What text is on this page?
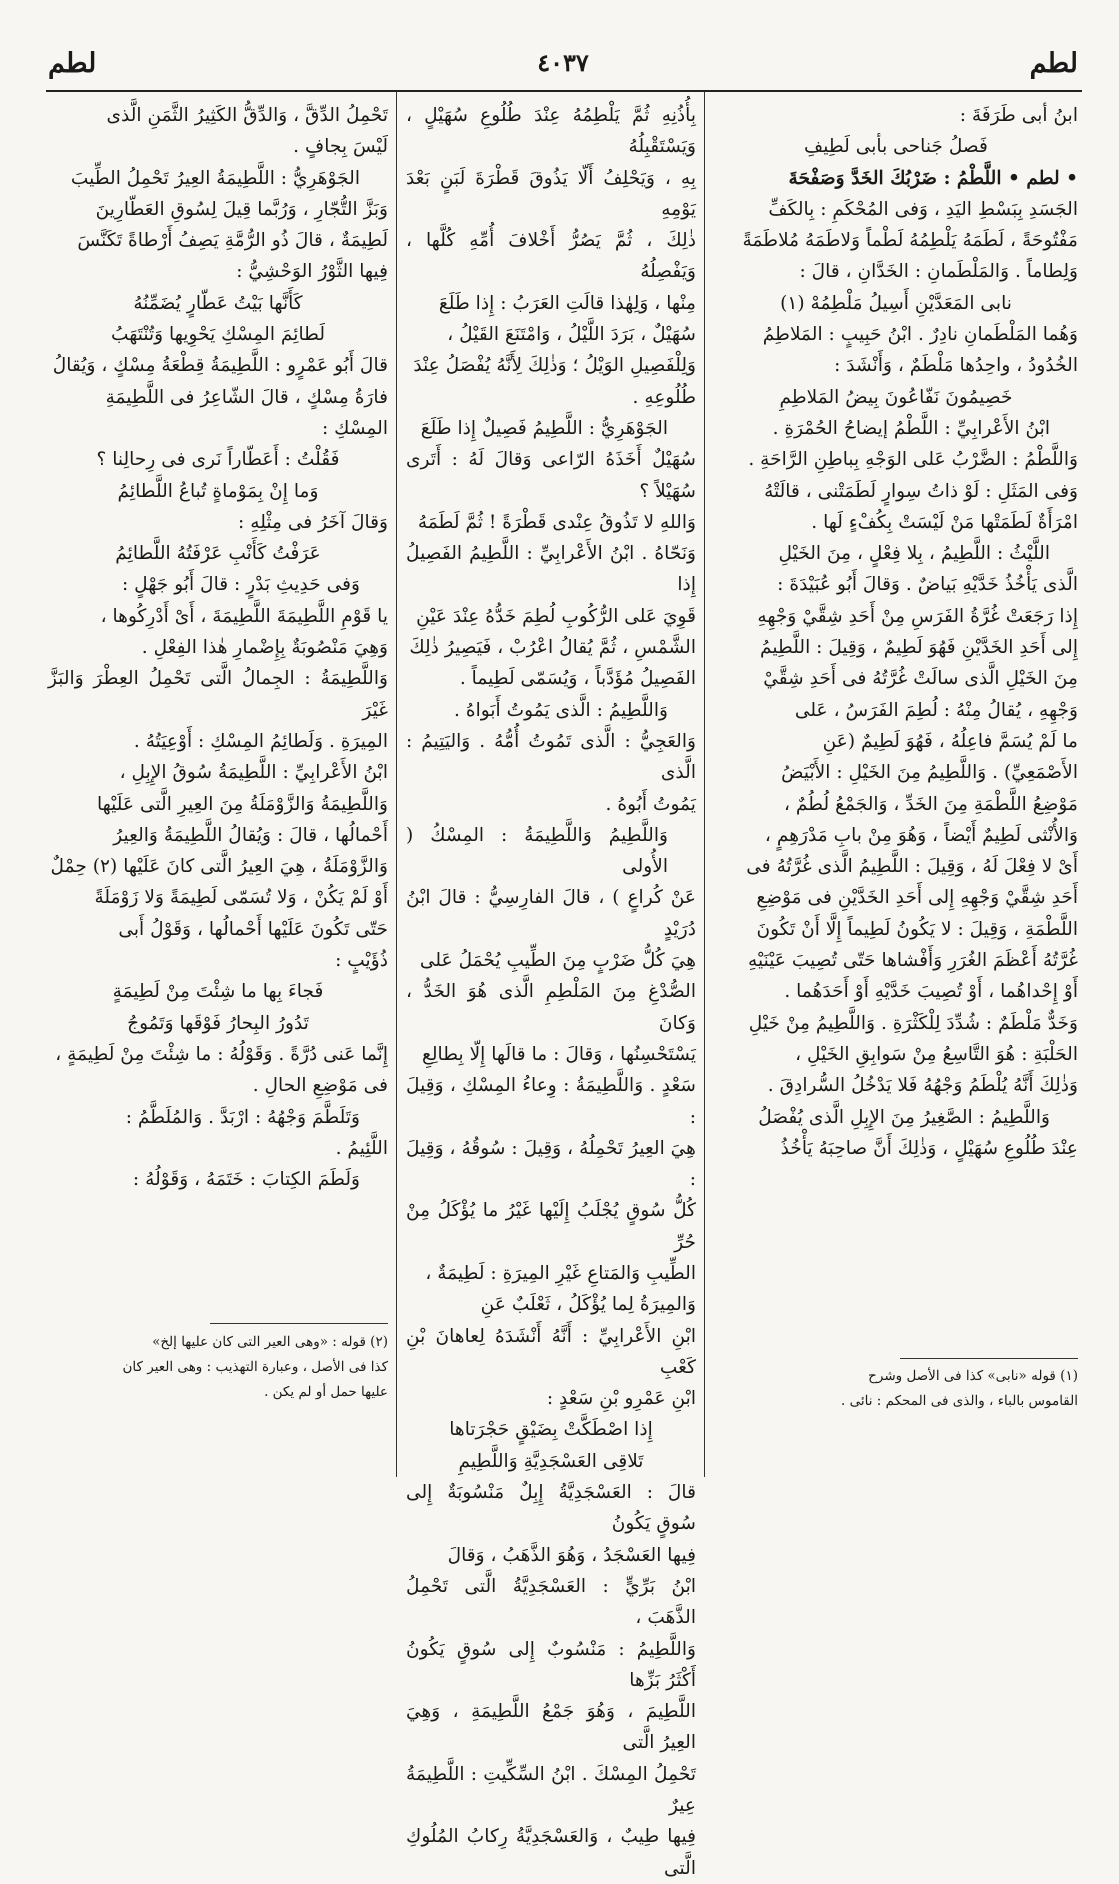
لطم
٤٠٣٧
لطم

ابنُ أبى طَرَفَةَ :

فَصلُ جَناحى بأبى لَطِيفِ

• لطم • اللَّطْمُ : ضَرْبُكَ الخَدَّ وَصَفْحَةَ

الجَسَدِ بِبَسْطِ اليَدِ ، وَفى المُحْكَمِ : بِالكَفِّ

مَفْتُوحَةً ، لَطَمَهُ يَلْطِمُهُ لَطْماً وَلاطَمَهُ مُلاطَمَةً

وَلِطاماً . وَالمَلْطَمانِ : الخَدَّانِ ، قالَ :

نابى المَعَدَّيْنِ أَسِيلُ مَلْطِمُهْ (١)

وَهُما المَلْطَمانِ نادِرٌ . ابْنُ حَبِيبٍ : المَلاطِمُ

الخُدُودُ ، واحِدُها مَلْطَمٌ ، وَأَنْشَدَ :

خَصِيمُونَ نَفّاعُونَ بِيضُ المَلاطِمِ

ابْنُ الأَعْرابِيِّ : اللَّطْمُ إيضاحُ الحُمْرَةِ .

وَاللَّطْمُ : الضَّرْبُ عَلى الوَجْهِ بِباطِنِ الرَّاحَةِ .

وَفى المَثَلِ : لَوْ ذاتُ سِوارٍ لَطَمَتْنى ، قالَتْهُ

امْرَأَةٌ لَطَمَتْها مَنْ لَيْسَتْ بِكُفْءٍ لَها .

اللَّيْثُ : اللَّطِيمُ ، بِلا فِعْلٍ ، مِنَ الخَيْلِ

الَّذى يَأْخُذُ خَدَّيْهِ بَياضٌ . وَقالَ أَبُو عُبَيْدَةَ :

إِذا رَجَعَتْ غُرَّةُ الفَرَسِ مِنْ أَحَدِ شِقَّيْ وَجْهِهِ

إِلى أَحَدِ الخَدَّيْنِ فَهُوَ لَطِيمٌ ، وَقِيلَ : اللَّطِيمُ

مِنَ الخَيْلِ الَّذى سالَتْ غُرَّتُهُ فى أَحَدِ شِقَّيْ

وَجْهِهِ ، يُقالُ مِنْهُ : لُطِمَ الفَرَسُ ، عَلى

ما لَمْ يُسَمَّ فاعِلُهُ ، فَهُوَ لَطِيمٌ (عَنِ

الأَصْمَعِيِّ) . وَاللَّطِيمُ مِنَ الخَيْلِ : الأَبْيَضُ

مَوْضِعُ اللَّطْمَةِ مِنَ الخَدِّ ، وَالجَمْعُ لُطُمٌ ،

وَالأُنْثى لَطِيمٌ أَيْضاً ، وَهُوَ مِنْ بابِ مَدْرَهِمٍ ،

أَىْ لا فِعْلَ لَهُ ، وَقِيلَ : اللَّطِيمُ الَّذى غُرَّتُهُ فى

أَحَدِ شِقَّيْ وَجْهِهِ إِلى أَحَدِ الخَدَّيْنِ فى مَوْضِعِ

اللَّطْمَةِ ، وَقِيلَ : لا يَكُونُ لَطِيماً إِلَّا أَنْ تَكُونَ

غُرَّتُهُ أَعْظَمَ الغُرَرِ وَأَفْشاها حَتّى تُصِيبَ عَيْنَيْهِ

أَوْ إِحْداهُما ، أَوْ تُصِيبَ خَدَّيْهِ أَوْ أَحَدَهُما .

وَخَدٌّ مَلْطَمٌ : شُدِّدَ لِلْكَثْرَةِ . وَاللَّطِيمُ مِنْ خَيْلِ

الحَلْبَةِ : هُوَ التَّاسِعُ مِنْ سَوابِقِ الخَيْلِ ،

وَذٰلِكَ أَنَّهُ يُلْطَمُ وَجْهُهُ فَلا يَدْخُلُ السُّرادِقَ .

وَاللَّطِيمُ : الصَّغِيرُ مِنَ الإِبِلِ الَّذى يُفْصَلُ

عِنْدَ طُلُوعِ سُهَيْلٍ ، وَذٰلِكَ أَنَّ صاحِبَهُ يَأْخُذُ

بِأُذُنِهِ ثُمَّ يَلْطِمُهُ عِنْدَ طُلُوعِ سُهَيْلٍ ، وَيَسْتَقْبِلُهُ

بِهِ ، وَيَحْلِفُ أَلّا يَذُوقَ قَطْرَةَ لَبَنٍ بَعْدَ يَوْمِهِ

ذٰلِكَ ، ثُمَّ يَصُرُّ أَخْلافَ أُمِّهِ كُلَّها ، وَيَفْصِلُهُ

مِنْها ، وَلِهٰذا قالَتِ العَرَبُ : إِذا طَلَعَ

سُهَيْلٌ ، بَرَدَ اللَّيْلُ ، وَامْتَنَعَ القَيْلُ ،

وَلِلْفَصِيلِ الوَيْلُ ؛ وَذٰلِكَ لِأَنَّهُ يُفْصَلُ عِنْدَ

طُلُوعِهِ .

الجَوْهَرِيُّ : اللَّطِيمُ فَصِيلٌ إِذا طَلَعَ

سُهَيْلٌ أَخَذَهُ الرّاعى وَقالَ لَهُ : أَتَرى سُهَيْلاً ؟

وَاللهِ لا تَذُوقُ عِنْدى قَطْرَةً ! ثُمَّ لَطَمَهُ

وَنَحّاهُ . ابْنُ الأَعْرابِيِّ : اللَّطِيمُ الفَصِيلُ إِذا

قَوِيَ عَلى الرُّكُوبِ لُطِمَ خَدُّهُ عِنْدَ عَيْنِ

الشَّمْسِ ، ثُمَّ يُقالُ اعْرُبْ ، فَيَصِيرُ ذٰلِكَ

الفَصِيلُ مُؤَدَّباً ، وَيُسَمّى لَطِيماً .

وَاللَّطِيمُ : الَّذى يَمُوتُ أَبَواهُ .

وَالعَجِيُّ : الَّذى تَمُوتُ أُمُّهُ . وَاليَتِيمُ : الَّذى

يَمُوتُ أَبُوهُ .

وَاللَّطِيمُ وَاللَّطِيمَةُ : المِسْكُ ( الأُولى

عَنْ كُراعٍ ) ، قالَ الفارِسِيُّ : قالَ ابْنُ دُرَيْدٍ

هِيَ كُلُّ ضَرْبٍ مِنَ الطِّيبِ يُحْمَلُ عَلى

الصُّدْغِ مِنَ المَلْطِمِ الَّذى هُوَ الخَدُّ ، وَكانَ

يَسْتَحْسِنُها ، وَقالَ : ما قالَها إِلّا بِطالِعِ

سَعْدٍ . وَاللَّطِيمَةُ : وِعاءُ المِسْكِ ، وَقِيلَ :

هِيَ العِيرُ تَحْمِلُهُ ، وَقِيلَ : سُوقُهُ ، وَقِيلَ :

كُلُّ سُوقٍ يُجْلَبُ إِلَيْها غَيْرُ ما يُؤْكَلُ مِنْ حُرِّ

الطِّيبِ وَالمَتاعِ غَيْرِ المِيرَةِ : لَطِيمَةٌ ،

وَالمِيرَةُ لِما يُؤْكَلُ ، ثَعْلَبٌ عَنِ

ابْنِ الأَعْرابِيِّ : أَنَّهُ أَنْشَدَهُ لِعاهانَ بْنِ كَعْبِ

ابْنِ عَمْرِو بْنِ سَعْدٍ :

إِذا اصْطَكَّتْ بِضَيْقٍ حَجْرَتاها

تَلاقِى العَسْجَدِيَّةِ وَاللَّطِيمِ

قالَ : العَسْجَدِيَّةُ إِبِلٌ مَنْسُوبَةٌ إِلى سُوقٍ يَكُونُ

فِيها العَسْجَدُ ، وَهُوَ الذَّهَبُ ، وَقالَ

ابْنُ بَرِّيٍّ : العَسْجَدِيَّةُ الَّتى تَحْمِلُ الذَّهَبَ ،

وَاللَّطِيمُ : مَنْسُوبٌ إِلى سُوقٍ يَكُونُ أَكْثَرُ بَزِّها

اللَّطِيمَ ، وَهُوَ جَمْعُ اللَّطِيمَةِ ، وَهِيَ العِيرُ الَّتى

تَحْمِلُ المِسْكَ . ابْنُ السِّكِّيتِ : اللَّطِيمَةُ عِيرٌ

فِيها طِيبٌ ، وَالعَسْجَدِيَّةُ رِكابُ المُلُوكِ الَّتى

تَحْمِلُ الدِّقَّ ، وَالدِّقُّ الكَثِيرُ الثَّمَنِ الَّذى

لَيْسَ بِجافٍ .

الجَوْهَرِيُّ : اللَّطِيمَةُ العِيرُ تَحْمِلُ الطِّيبَ

وَبَزَّ التُّجّارِ ، وَرُبَّما قِيلَ لِسُوقِ العَطّارِينَ

لَطِيمَةٌ ، قالَ ذُو الرُّمَّةِ يَصِفُ أَرْطاةً تَكَنَّسَ

فِيها الثَّوْرُ الوَحْشِيُّ :

كَأَنَّها بَيْتُ عَطّارٍ يُضَمِّنُهُ

لَطائِمَ المِسْكِ يَحْوِيها وَتُنْتَهَبُ

قالَ أَبُو عَمْرٍو : اللَّطِيمَةُ قِطْعَةُ مِسْكٍ ، وَيُقالُ

فارَةُ مِسْكٍ ، قالَ الشّاعِرُ فى اللَّطِيمَةِ

المِسْكِ :

فَقُلْتُ : أَعَطّاراً نَرى فى رِحالِنا ؟

وَما إِنْ بِمَوْماةٍ تُباعُ اللَّطائِمُ

وَقالَ آخَرُ فى مِثْلِهِ :

عَرَفْتُ كَأَنْبِ عَرْفَتُهُ اللَّطائِمُ

وَفى حَدِيثِ بَدْرٍ : قالَ أَبُو جَهْلٍ :

يا قَوْمِ اللَّطِيمَةَ اللَّطِيمَةَ ، أَىْ أَدْرِكُوها ،

وَهِيَ مَنْصُوبَةٌ بِإِضْمارِ هٰذا الفِعْلِ .

وَاللَّطِيمَةُ : الجِمالُ الَّتى تَحْمِلُ العِطْرَ وَالبَزَّ غَيْرَ

المِيرَةِ . وَلَطائِمُ المِسْكِ : أَوْعِيَتُهُ .

ابْنُ الأَعْرابِيِّ : اللَّطِيمَةُ سُوقُ الإِبِلِ ،

وَاللَّطِيمَةُ وَالزَّوْمَلَةُ مِنَ العِيرِ الَّتى عَلَيْها

أَحْمالُها ، قالَ : وَيُقالُ اللَّطِيمَةُ وَالعِيرُ

وَالزَّوْمَلَةُ ، هِيَ العِيرُ الَّتى كانَ عَلَيْها (٢) حِمْلٌ

أَوْ لَمْ يَكُنْ ، وَلا تُسَمّى لَطِيمَةً وَلا زَوْمَلَةً

حَتّى تَكُونَ عَلَيْها أَحْمالُها ، وَقَوْلُ أَبى

ذُؤَيْبٍ :

فَجاءَ بِها ما شِئْتَ مِنْ لَطِيمَةٍ

تَدُورُ البِحارُ فَوْقَها وَتَمُوجُ

إِنَّما عَنى دُرَّةً . وَقَوْلُهُ : ما شِئْتَ مِنْ لَطِيمَةٍ ،

فى مَوْضِعِ الحالِ .

وَتَلَطَّمَ وَجْهُهُ : ارْبَدَّ . وَالمُلَطَّمُ :

اللَّئِيمُ .

وَلَطَمَ الكِتابَ : خَتَمَهُ ، وَقَوْلُهُ :

(١) قوله «نابى» كذا فى الأصل وشرح

القاموس بالباء ، والذى فى المحكم : نائى .

(٢) قوله : «وهى العير التى كان عليها إلخ»

كذا فى الأصل ، وعبارة التهذيب : وهى العير كان

عليها حمل أو لم يكن .
